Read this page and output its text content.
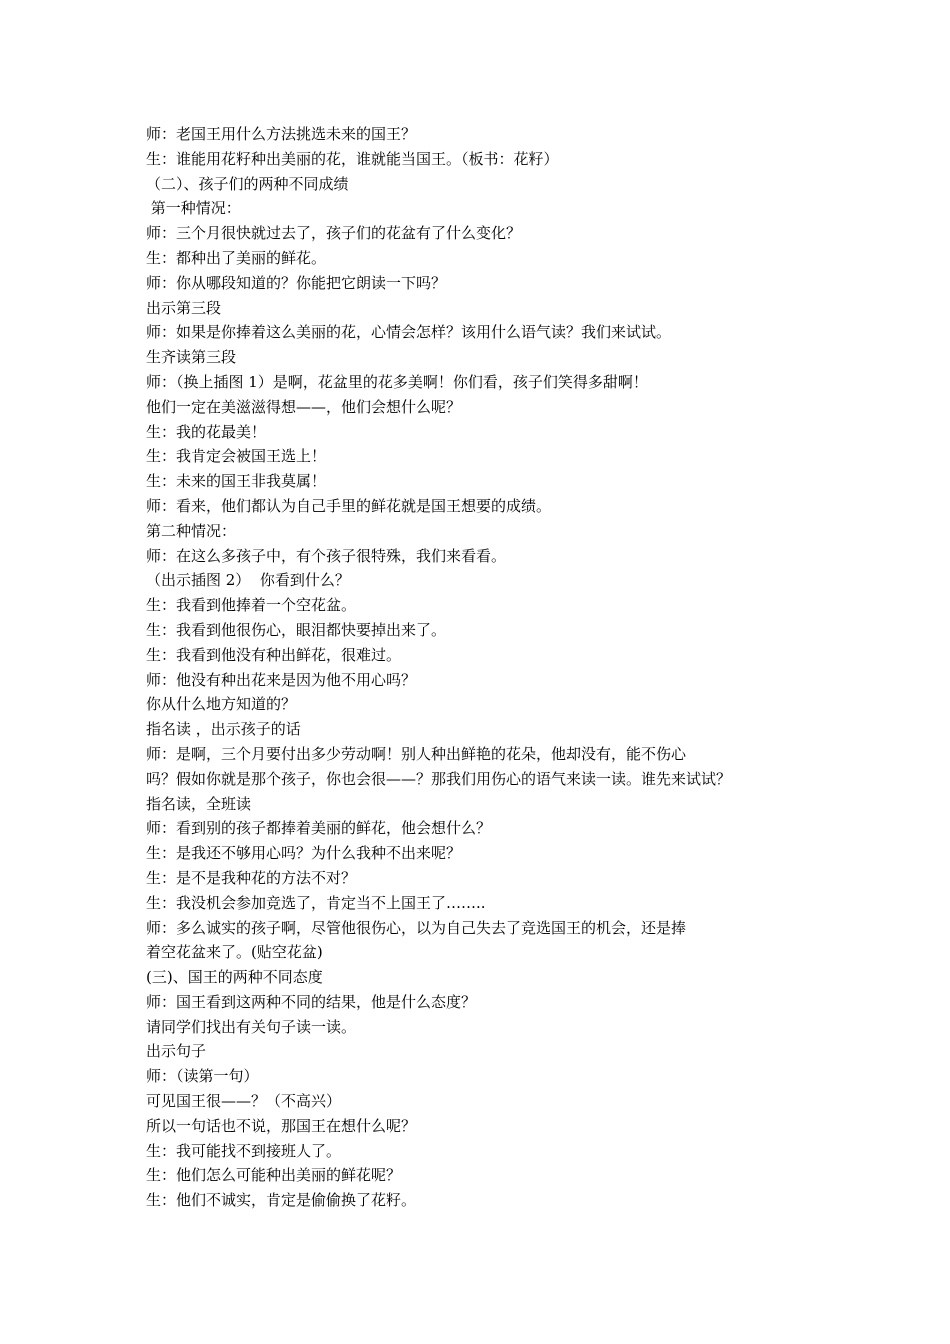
师：老国王用什么方法挑选未来的国王？
生：谁能用花籽种出美丽的花，谁就能当国王。（板书：花籽）
（二）、孩子们的两种不同成绩
第一种情况：
师：三个月很快就过去了，孩子们的花盆有了什么变化？
生：都种出了美丽的鲜花。
师：你从哪段知道的？你能把它朗读一下吗？
出示第三段
师：如果是你捧着这么美丽的花，心情会怎样？该用什么语气读？我们来试试。
生齐读第三段
师：（换上插图 1）是啊，花盆里的花多美啊！你们看，孩子们笑得多甜啊！
他们一定在美滋滋得想——，他们会想什么呢？
生：我的花最美！
生：我肯定会被国王选上！
生：未来的国王非我莫属！
师：看来，他们都认为自己手里的鲜花就是国王想要的成绩。
第二种情况：
师：在这么多孩子中，有个孩子很特殊，我们来看看。
（出示插图 2）  你看到什么？
生：我看到他捧着一个空花盆。
生：我看到他很伤心，眼泪都快要掉出来了。
生：我看到他没有种出鲜花，很难过。
师：他没有种出花来是因为他不用心吗？
你从什么地方知道的？
指名读 ，出示孩子的话
师：是啊，三个月要付出多少劳动啊！别人种出鲜艳的花朵，他却没有，能不伤心
吗？假如你就是那个孩子，你也会很——？那我们用伤心的语气来读一读。谁先来试试？
指名读，全班读
师：看到别的孩子都捧着美丽的鲜花，他会想什么？
生：是我还不够用心吗？为什么我种不出来呢？
生：是不是我种花的方法不对？
生：我没机会参加竞选了，肯定当不上国王了……..
师：多么诚实的孩子啊，尽管他很伤心，以为自己失去了竞选国王的机会，还是捧
着空花盆来了。(贴空花盆)
(三)、国王的两种不同态度
师：国王看到这两种不同的结果，他是什么态度？
请同学们找出有关句子读一读。
出示句子
师：（读第一句）
可见国王很——？（不高兴）
所以一句话也不说，那国王在想什么呢？
生：我可能找不到接班人了。
生：他们怎么可能种出美丽的鲜花呢？
生：他们不诚实，肯定是偷偷换了花籽。
